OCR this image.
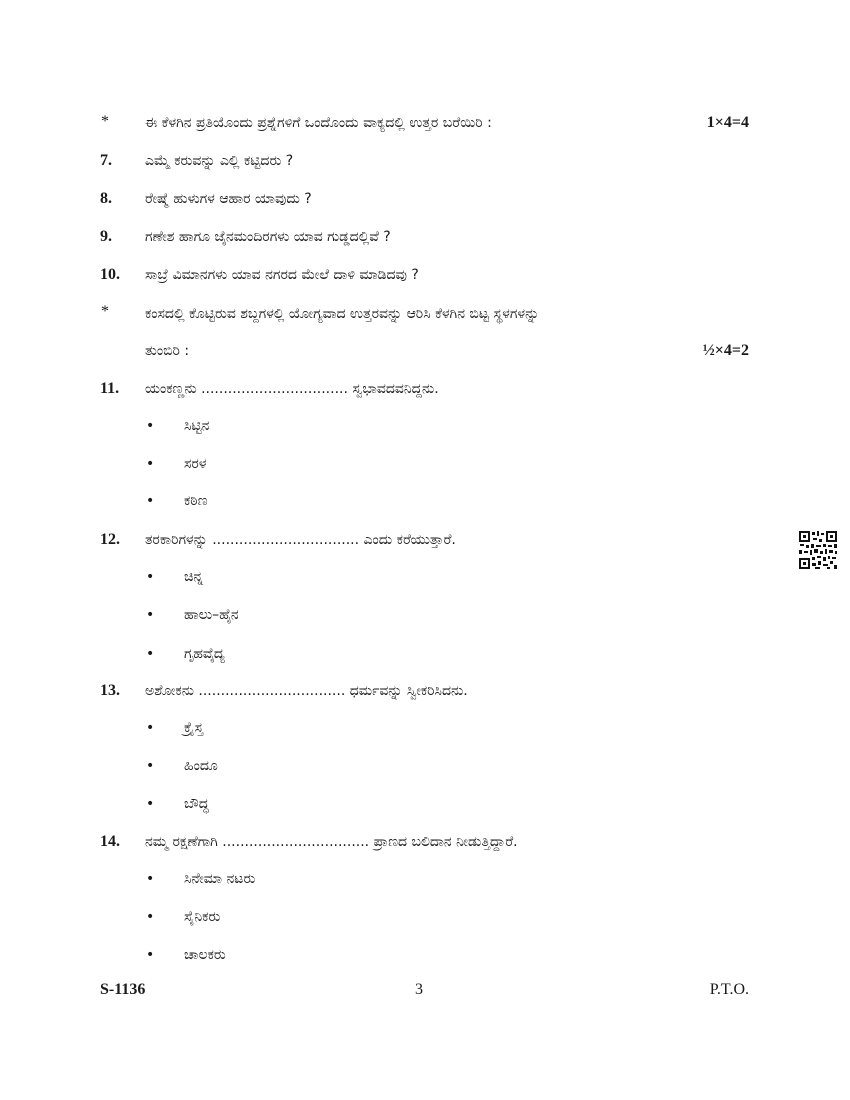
*	ಈ ಕೆಳಗಿನ ಪ್ರತಿಯೊಂದು ಪ್ರಶ್ನೆಗಳಿಗೆ ಒಂದೊಂದು ವಾಕ್ಯದಲ್ಲಿ ಉತ್ತರ ಬರೆಯಿರಿ :	1×4=4
7. ಎಮ್ಮೆ ಕರುವನ್ನು ಎಲ್ಲಿ ಕಟ್ಟಿದರು ?
8. ರೇಷ್ಮೆ ಹುಳುಗಳ ಆಹಾರ ಯಾವುದು ?
9. ಗಣೇಶ ಹಾಗೂ ಜೈನಮಂದಿರಗಳು ಯಾವ ಗುಡ್ಡದಲ್ಲಿವೆ ?
10. ಸಾಬ್ರೆ ವಿಮಾನಗಳು ಯಾವ ನಗರದ ಮೇಲೆ ದಾಳಿ ಮಾಡಿದವು ?
*	ಕಂಸದಲ್ಲಿ ಕೊಟ್ಟಿರುವ ಶಬ್ದಗಳಲ್ಲಿ ಯೋಗ್ಯವಾದ ಉತ್ತರವನ್ನು ಆರಿಸಿ ಕೆಳಗಿನ ಬಿಟ್ಟ ಸ್ಥಳಗಳನ್ನು
ತುಂಬಿರಿ :	½×4=2
11. ಯಂಕಣ್ಣನು ................................. ಸ್ವಭಾವದವನಿದ್ದನು.
• ಸಿಟ್ಟಿನ
• ಸರಳ
• ಕಠಿಣ
12. ತರಕಾರಿಗಳನ್ನು ................................. ಎಂದು ಕರೆಯುತ್ತಾರೆ.
• ಚಿನ್ನ
• ಹಾಲು–ಹೈನ
• ಗೃಹವೈದ್ಯ
13. ಅಶೋಕನು ................................. ಧರ್ಮವನ್ನು ಸ್ವೀಕರಿಸಿದನು.
• ಕ್ರೈಸ್ತ
• ಹಿಂದೂ
• ಬೌದ್ಧ
14. ನಮ್ಮ ರಕ್ಷಣೆಗಾಗಿ ................................. ಪ್ರಾಣದ ಬಲಿದಾನ ನೀಡುತ್ತಿದ್ದಾರೆ.
• ಸಿನೇಮಾ ನಟರು
• ಸೈನಿಕರು
• ಚಾಲಕರು
S-1136	3	P.T.O.
